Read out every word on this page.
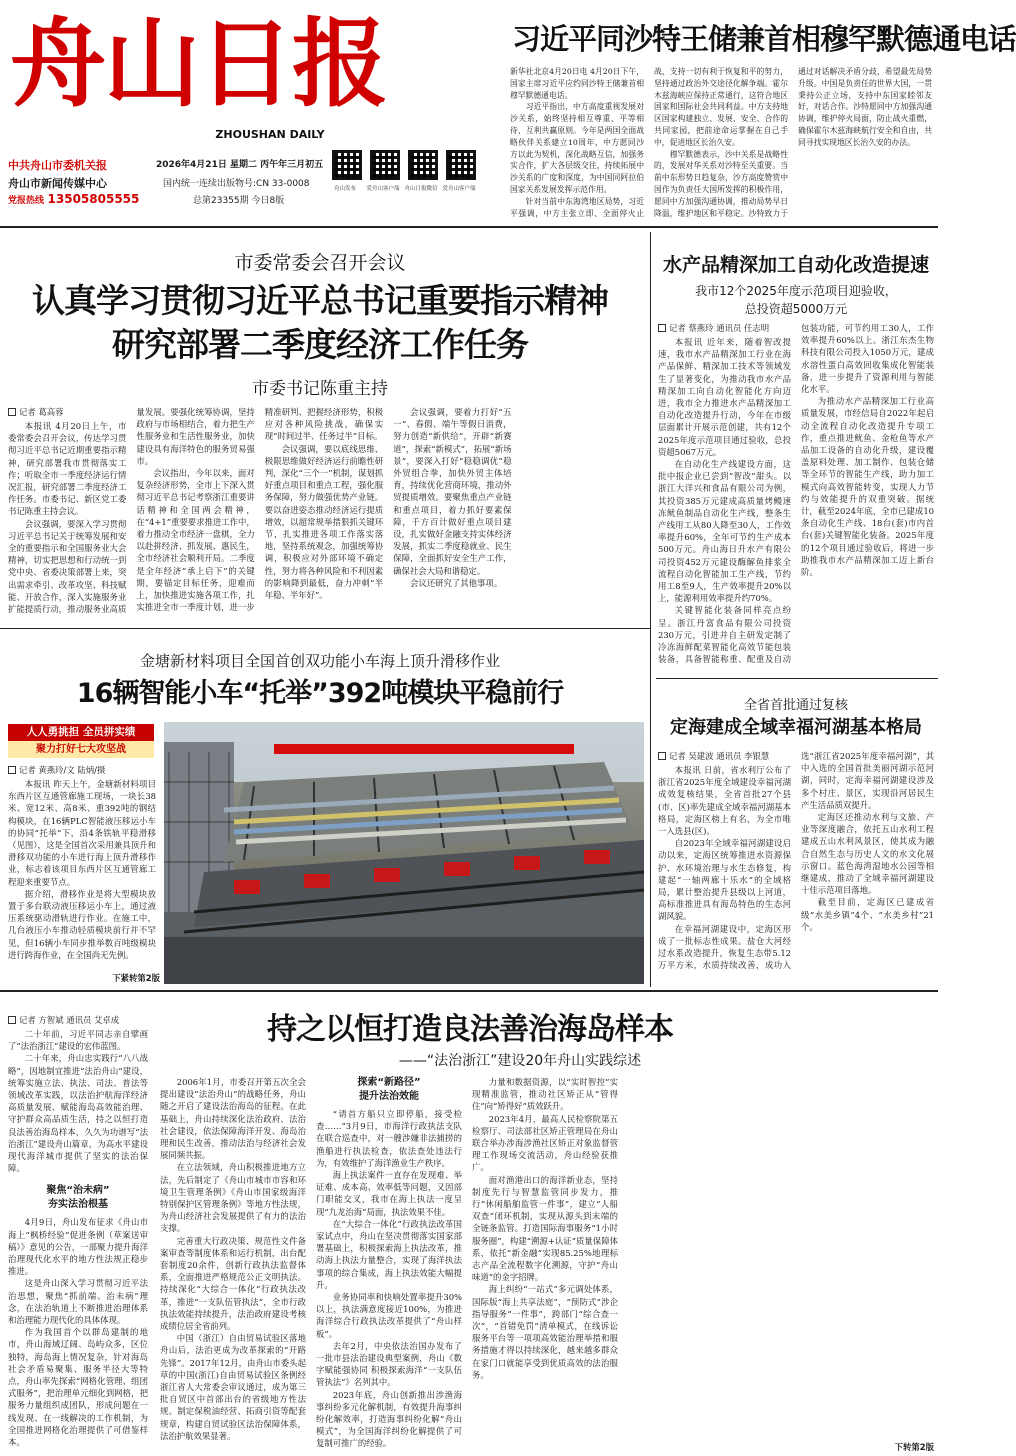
舟山日报
ZHOUSHAN DAILY
中共舟山市委机关报
舟山市新闻传媒中心
党报热线 13505805555
2026年4月21日 星期二 丙午年三月初五
国内统一连续出版物号:CN 33-0008
总第23355期 今日8版
舟山发布	爱舟山客户端 舟山日报微信 爱舟山客户端
习近平同沙特王储兼首相穆罕默德通电话

新华社北京4月20日电 4月20日下午，国家主席习近平应约同沙特王储兼首相穆罕默德通电话。

习近平指出，中方高度重视发展对沙关系，始终坚持相互尊重、平等相待、互利共赢原则。今年是两国全面战略伙伴关系建立10周年，中方愿同沙方以此为契机，深化战略互信，加强务实合作，扩大各层级交往，持续拓展中沙关系的广度和深度，为中国同阿拉伯国家关系发展发挥示范作用。

针对当前中东海湾地区局势，习近平强调，中方主张立即、全面停火止战，支持一切有利于恢复和平的努力，坚持通过政治外交途径化解争端。霍尔木兹海峡应保持正常通行，这符合地区国家和国际社会共同利益。中方支持地区国家构建独立、发展、安全、合作的共同家园，把前途命运掌握在自己手中，促进地区长治久安。

穆罕默德表示，沙中关系是战略性的，发展对华关系对沙特至关重要。当前中东形势日趋复杂，沙方高度赞赏中国作为负责任大国所发挥的积极作用，愿同中方加强沟通协调，推动局势早日降温，维护地区和平稳定。沙特致力于通过对话解决矛盾分歧，希望最先局势升级。中国是负责任的世界大国，一贯秉持公正立场，支持中东国家睦邻友好，对话合作。沙特愿同中方加强沟通协调，维护停火局面，防止战火重燃，确保霍尔木兹海峡航行安全和自由，共同寻找实现地区长治久安的办法。

市委常委会召开会议
认真学习贯彻习近平总书记重要指示精神
研究部署二季度经济工作任务
市委书记陈重主持
记者 葛高蓉

本报讯 4月20日上午，市委常委会召开会议，传达学习贯彻习近平总书记近期重要指示精神，研究部署我市贯彻落实工作；听取全市一季度经济运行情况汇报，研究部署二季度经济工作任务。市委书记、新区党工委书记陈重主持会议。

会议强调，要深入学习贯彻习近平总书记关于统筹发展和安全的重要指示和全国服务业大会精神，切实把思想和行动统一到党中央、省委决策部署上来，突出需求牵引、改革攻坚、科技赋能、开放合作，深入实施服务业扩能提质行动，推动服务业高质量发展。要强化统筹协调，坚持政府与市场相结合，着力把生产性服务业和生活性服务业，加快建设具有海洋特色的服务贸易强市。

会议指出，今年以来，面对复杂经济形势，全市上下深入贯彻习近平总书记考察浙江重要讲话精神和全国两会精神，在“4+1”重要要求推进工作中，着力推动全市经济一盘棋，全力以赴拼经济、抓发展、惠民生，全市经济社会顺利开局。二季度是全年经济“承上启下”的关键期，要锚定目标任务，迎难而上，加快推进实施各项工作，扎实推进全市一季度计划，进一步精准研判、把握经济形势，积极应对各种风险挑战，确保实现“时间过半、任务过半”目标。

会议强调，要以底线思维、极限思维做好经济运行前瞻性研判，深化“三个一”机制，谋划抓好重点项目和重点工程，强化服务保障，努力做强优势产业链。要以奋进姿态推动经济运行提质增效，以超常规举措狠抓关键环节，扎实推进各项工作落实落地，坚持系统观念，加强统筹协调，积极应对外部环境不确定性，努力将各种风险和不利因素的影响降到最低，奋力冲刺“半年稳、半年好”。

会议强调，要着力打好“五一”、春假、端午等假日消费，努力创造“新供给”，开辟“新赛道”，探索“新模式”，拓展“新场景”，要深入打好“稳稳调优”稳外贸组合拳，加快外贸主体培育，持续优化营商环境，推动外贸提质增效。要聚焦重点产业链和重点项目，着力抓好要素保障，千方百计做好重点项目建设，扎实做好金融支持实体经济发展，抓实二季度稳就业、民生保障，全面抓好安全生产工作，确保社会大局和谐稳定。

会议还研究了其他事项。

水产品精深加工自动化改造提速
我市12个2025年度示范项目迎验收，
总投资超5000万元
记者 蔡燕玲 通讯员 任志明

本报讯 近年来，随着智改提速，我市水产品精深加工行业在海产品保鲜、精深加工技术等领域发生了显著变化，为推动我市水产品精深加工向自动化智能化方向迈进，我市全力推进水产品精深加工自动化改造提升行动，今年在市级层面累计开展示范创建，共有12个2025年度示范项目通过验收，总投资超5067万元。

在自动化生产线建设方面，这批中报企业已尝到“智改”甜头。以浙江大洋兴和食品有限公司为例，其投资385万元建成高质量烤鳗速冻鱿鱼制品自动化生产线，整条生产线用工从80人降至30人，工作效率提升60%，全年可节约生产成本500万元。舟山海日升水产有限公司投资452万元建设酶解鱼排浆全流程自动化智能加工生产线，节约用工8至9人，生产效率提升20%以上，能源利用效率提升约70%。

关键智能化装备同样亮点纷呈。浙江丹富食品有限公司投资230万元，引进并自主研发定制了冷冻海鲜配菜智能化高效节能包装装备，具备智能称重、配重及自动包装功能，可节约用工30人，工作效率提升60%以上。浙江东杰生物科技有限公司投入1050万元，建成水溶性蛋白高效回收集成化智能装备，进一步提升了资源利用与智能化水平。

为推动水产品精深加工行业高质量发展，市经信局自2022年起启动全流程自动化改造提升专项工作，重点推进鱿鱼、金枪鱼等水产品加工设备的自动化升级，建设覆盖原料处理、加工制作、包装仓储等全环节的智能生产线，助力加工模式向高效智能转变，实现人力节约与效能提升的双重突破。据统计，截至2024年底，全市已建成10条自动化生产线、18台(套)市内首台(套)关键智能化装备。2025年度的12个项目通过验收后，将进一步助推我市水产品精深加工迈上新台阶。

全省首批通过复核
定海建成全域幸福河湖基本格局
记者 吴建波 通讯员 李银慧

本报讯 日前，省水利厅公布了浙江省2025年度全域建设幸福河湖成效复核结果，全省首批27个县(市、区)率先建成全域幸福河湖基本格局，定海区榜上有名，为全市唯一入选县(区)。

自2023年全域幸福河湖建设启动以来，定海区统筹推进水资源保护、水环境治理与水生态修复，构建起“一轴两廊十乐水”的全域格局，累计整治提升县级以上河道，高标准推进具有海岛特色的生态河湖风貌。

在幸福河湖建设中，定海区形成了一批标志性成果。盐仓大河经过水系改造提升，恢复生态带5.12万平方米，水质持续改善，成功入选“浙江省2025年度幸福河湖”，其中入选的全国首批美丽河湖示范河湖，同时，定海幸福河湖建设涉及多个村庄、景区，实现沿河居民生产生活品质双提升。

定海区还推动水利与文旅、产业等深度融合，依托五山水利工程建成五山水利风景区，使其成为融合自然生态与历史人文的水文化展示窗口。蓝色海湾湿地水公园等相继建成，推动了全域幸福河湖建设十佳示范项目落地。

截至目前，定海区已建成省级“水美乡镇”4个、“水美乡村”21个。

金塘新材料项目全国首创双功能小车海上顶升滑移作业
16辆智能小车“托举”392吨模块平稳前行
人人勇挑担 全员拼实绩
聚力打好七大攻坚战
记者 黄燕玲/文 陆炳/摄

本报讯 昨天上午，金塘新材料项目东西片区互通管廊施工现场，一块长38米、宽12米、高8米、重392吨的钢结构模块，在16辆PLC智能液压移运小车的协同“托举”下，沿4条铁轨平稳滑移（见图），这是全国首次采用兼具顶升和滑移双功能的小车进行海上顶升滑移作业，标志着该项目东西片区互通管廊工程迎来重要节点。

据介绍，滑移作业是将大型模块放置于多台联动液压移运小车上，通过液压系统驱动滑轨进行作业。在施工中，几台液压小车推动轻质模块前行并不罕见，但16辆小车同步推举数百吨级模块进行跨海作业，在全国尚无先例。

下紧转第2版
持之以恒打造良法善治海岛样本
——“法治浙江”建设20年舟山实践综述
记者 方智斌 通讯员 艾卓成

二十年前，习近平同志亲自擘画了“法治浙江”建设的宏伟蓝图。

二十年来，舟山忠实践行“八八战略”，因地制宜推进“法治舟山”建设，统筹实施立法、执法、司法、普法等领域改革实践，以法治护航海洋经济高质量发展、赋能海岛高效能治理、守护群众高品质生活，持之以恒打造良法善治海岛样本，久久为功谱写“法治浙江”建设舟山篇章，为高水平建设现代海洋城市提供了坚实的法治保障。

聚焦“治未病”
夯实法治根基

4月9日，舟山发布征求《舟山市海上“枫桥经验”促进条例（草案送审稿）》意见的公告，一部聚力提升海洋治理现代化水平的地方性法规正稳步推进。

这是舟山深入学习贯彻习近平法治思想，聚焦“抓前端、治未病”理念，在法治轨道上不断推进治理体系和治理能力现代化的具体体现。

作为我国首个以群岛建制的地市，舟山海域辽阔、岛屿众多，区位独特，海岛海上情况复杂，针对海岛社会矛盾易聚集、服务半径大等特点，舟山率先探索“网格化管理、组团式服务”，把治理单元细化到网格，把服务力量组织成团队，形成问题在一线发现、在一线解决的工作机制，为全国推进网格化治理提供了可借鉴样本。

2006年1月，市委召开第五次全会提出建设“法治舟山”的战略任务，舟山随之开启了建设法治海岛的征程。在此基础上，舟山持续深化法治政府、法治社会建设，依法保障海洋开发、海岛治理和民生改善，推动法治与经济社会发展同频共振。

在立法领域，舟山积极推进地方立法，先后制定了《舟山市城市市容和环境卫生管理条例》《舟山市国家级海洋特别保护区管理条例》等地方性法规，为舟山经济社会发展提供了有力的法治支撑。

完善重大行政决策、规范性文件备案审查等制度体系和运行机制，出台配套制度20余件，创新行政执法监督体系，全面推进严格规范公正文明执法。持续深化“大综合一体化”行政执法改革，推进“一支队伍管执法”，全市行政执法效能持续提升，法治政府建设考核成绩位居全省前列。

中国（浙江）自由贸易试验区落地舟山后，法治更成为改革探索的“开路先锋”。2017年12月，由舟山市委头起草的中国(浙江)自由贸易试验区条例经浙江省人大常委会审议通过，成为第三批自贸区中首部出台的省级地方性法规。制定保税油经营、拓商引资等配套规章，构建自贸试验区法治保障体系，法治护航效果显著。

探索“新路径”
提升法治效能

“请首方船只立即停船，接受检查……”3月9日，市海洋行政执法支队在联合巡查中，对一艘涉嫌非法捕捞的渔船进行执法检查，依法查处违法行为，有效维护了海洋渔业生产秩序。

海上执法案件一直存在发现难、举证难、成本高、效率低等问题，又因部门职能交叉，我市在海上执法一度呈现“九龙治海”局面，执法效果不佳。

在“大综合一体化”行政执法改革国家试点中，舟山在坚决贯彻落实国家部署基础上，积极探索海上执法改革，推动海上执法力量整合，实现了海洋执法事项的综合集成，海上执法效能大幅提升。

业务协同率和快响处置率提升30%以上，执法满意度接近100%，为推进海洋综合行政执法改革提供了“舟山样板”。

去年2月，中央依法治国办发布了一批市县法治建设典型案例，舟山《数字赋能强协同 积极探索海洋“一支队伍管执法”》名列其中。

2023年底，舟山创新推出涉渔海事纠纷多元化解机制，有效提升海事纠纷化解效率，打造海事纠纷化解“舟山模式”，为全国海洋纠纷化解提供了可复制可推广的经验。

力量和数据资源，以“实时智控”实现精准监管，推动社区矫正从“管得住”向“矫得好”质效跃升。

2023年4月，最高人民检察院第五检察厅、司法部社区矫正管理局在舟山联合举办涉海涉渔社区矫正对象监督管理工作现场交流活动，舟山经验获推广。

面对渔港出口的海洋新业态，坚持制度先行与智慧监管同步发力，推行“休闲船舶监管一件事”，建立“人船双查”闭环机制，实现从源头到末端的全链条监管。打造国际海事服务“1小时服务圈”，构建“溯源+认证”质量保障体系，依托“新金融”实现85.25%地理标志产品全流程数字化溯源，守护“舟山味道”的金字招牌。

海上纠纷“一站式”多元调处体系，国际版“海上共享法庭”，“预防式”涉企指导服务“一件事”，跨部门“综合查一次”，“首错免罚”清单模式，在线诉讼服务平台等一项项高效能治理举措和服务措施才得以持续深化，越来越多群众在家门口就能享受到优质高效的法治服务。

下转第2版
